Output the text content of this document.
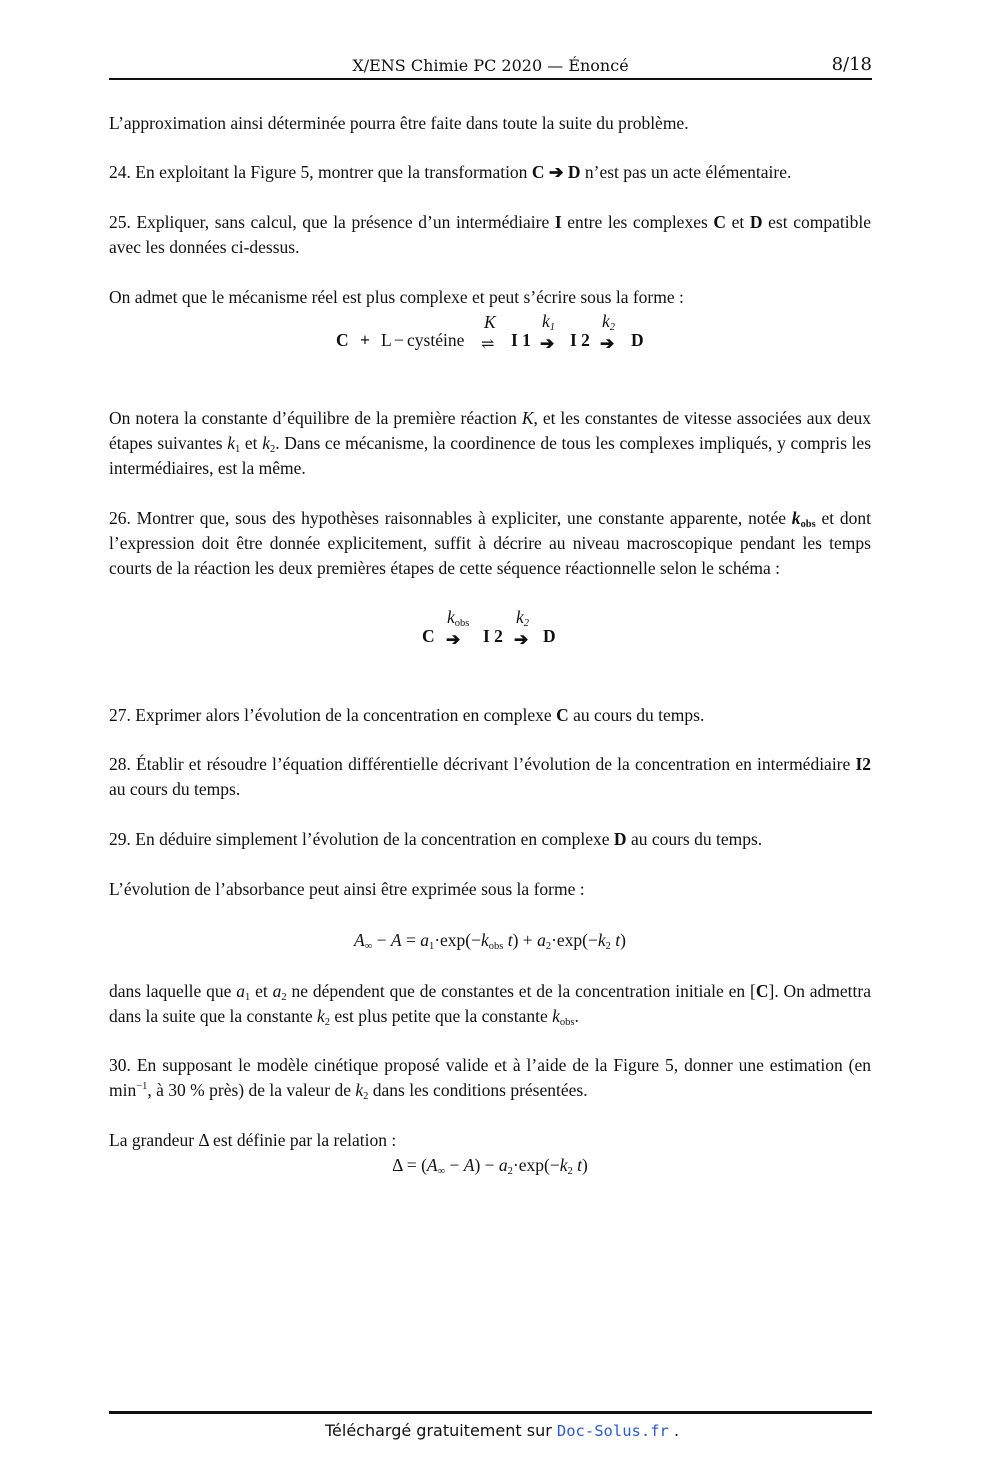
X/ENS Chimie PC 2020 — Énoncé	8/18

L’approximation ainsi déterminée pourra être faite dans toute la suite du problème.

24. En exploitant la Figure 5, montrer que la transformation C ➔ D n’est pas un acte élémentaire.

25. Expliquer, sans calcul, que la présence d’un intermédiaire I entre les complexes C et D est compatible avec les données ci-dessus.

On admet que le mécanisme réel est plus complexe et peut s’écrire sous la forme :

C + L − cystéine
K
⇌ I 1
$k_1$
➔ I 2
$k_2$
➔ D

On notera la constante d’équilibre de la première réaction K, et les constantes de vitesse associées aux deux étapes suivantes $k_1$ et $k_2$. Dans ce mécanisme, la coordinence de tous les complexes impliqués, y compris les intermédiaires, est la même.

26. Montrer que, sous des hypothèses raisonnables à expliciter, une constante apparente, notée $k_{obs}$ et dont l’expression doit être donnée explicitement, suffit à décrire au niveau macroscopique pendant les temps courts de la réaction les deux premières étapes de cette séquence réactionnelle selon le schéma :

C
$k_{obs}$
➔ I 2
$k_2$
➔ D

27. Exprimer alors l’évolution de la concentration en complexe C au cours du temps.

28. Établir et résoudre l’équation différentielle décrivant l’évolution de la concentration en intermédiaire I2 au cours du temps.

29. En déduire simplement l’évolution de la concentration en complexe D au cours du temps.

L’évolution de l’absorbance peut ainsi être exprimée sous la forme :

$A_\infty - A = a_1\cdot\exp(-k_{obs}$ $t) + a_2\cdot\exp(-k_2$ t)

dans laquelle que $a_1$ et $a_2$ ne dépendent que de constantes et de la concentration initiale en [C]. On admettra dans la suite que la constante $k_2$ est plus petite que la constante $k_{obs}$.

30. En supposant le modèle cinétique proposé valide et à l’aide de la Figure 5, donner une estimation (en $\min^{-1}$, à 30 % près) de la valeur de $k_2$ dans les conditions présentées.

La grandeur Δ est définie par la relation :

$\Delta = (A_\infty - A) - a_2\cdot\exp(-k_2$ t)
Téléchargé gratuitement sur Doc-Solus.fr .
